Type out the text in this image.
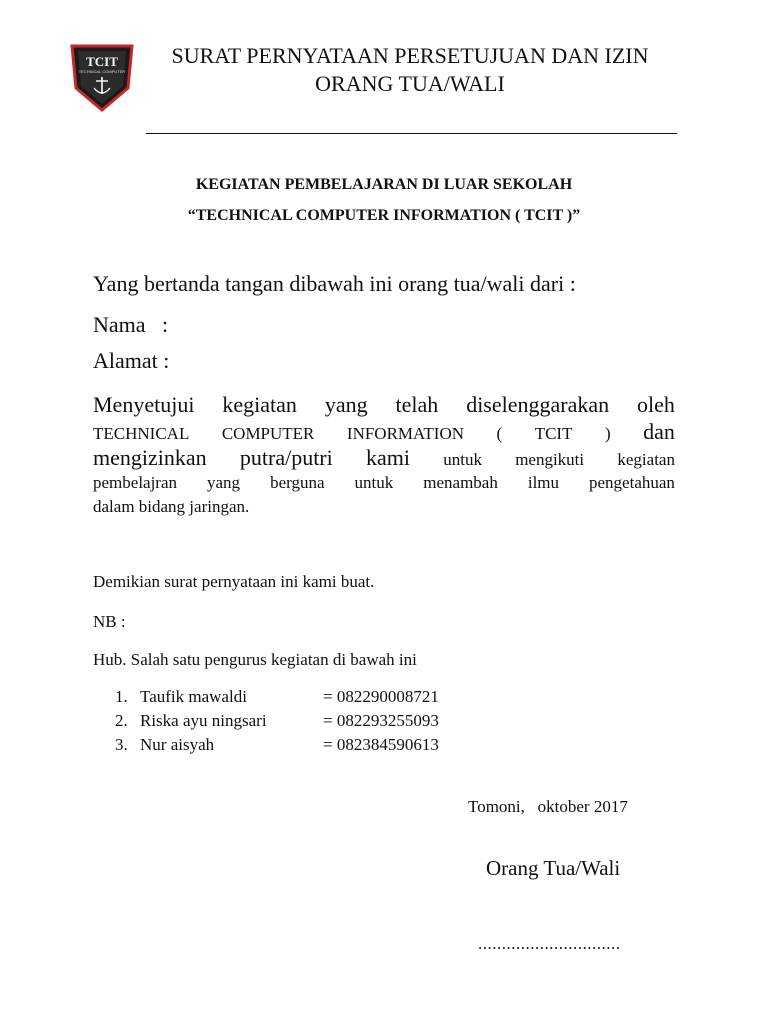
TCIT
TECHNICAL COMPUTER
SURAT PERNYATAAN PERSETUJUAN DAN IZIN
ORANG TUA/WALI
KEGIATAN PEMBELAJARAN DI LUAR SEKOLAH
“TECHNICAL COMPUTER INFORMATION ( TCIT )”
Yang bertanda tangan dibawah ini orang tua/wali dari :
Nama   :
Alamat :
Menyetujui kegiatan yang telah diselenggarakan oleh
TECHNICAL COMPUTER INFORMATION ( TCIT ) dan
mengizinkan putra/putri kami untuk mengikuti kegiatan
pembelajran yang berguna untuk menambah ilmu pengetahuan
dalam bidang jaringan.
Demikian surat pernyataan ini kami buat.
NB :
Hub. Salah satu pengurus kegiatan di bawah ini
1. Taufik mawaldi	= 082290008721
2. Riska ayu ningsari	= 082293255093
3. Nur aisyah	= 082384590613
Tomoni,   oktober 2017
Orang Tua/Wali
..............................
